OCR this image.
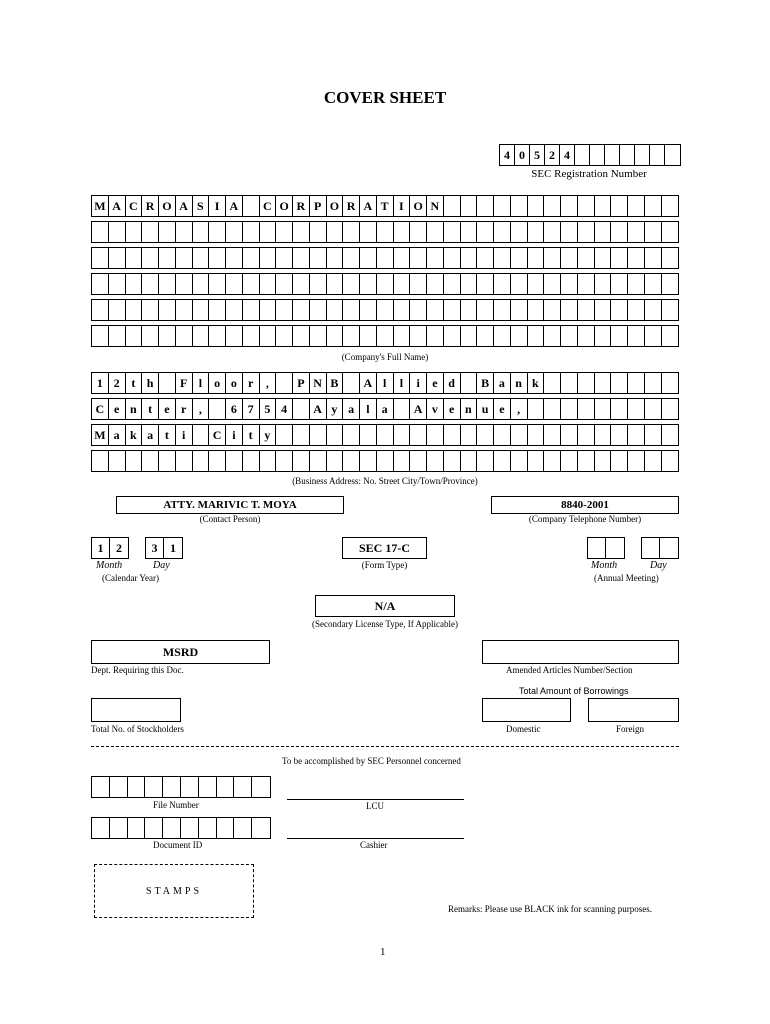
COVER SHEET
4 0 5 2 4
SEC Registration Number
M A C R O A S I A	C O R P O R A T I O N
(Company's Full Name)
1 2 t h	F l	o o r	,	P N B	A l	l	i	e d	B a n k
C e n t	e r	,	6 7 5 4	A y a	l	a	A v e n u e	,
M a k a t	i	C i	t y
(Business Address: No. Street City/Town/Province)
ATTY. MARIVIC T. MOYA
(Contact Person)
8840-2001
(Company Telephone Number)
1	2	3	1
Month	Day
(Calendar Year)
SEC 17-C
(Form Type)	Month	Day
(Annual Meeting)
N/A
(Secondary License Type, If Applicable)
MSRD
Dept. Requiring this Doc.	Amended Articles Number/Section
Total Amount of Borrowings
Total No. of Stockholders	Domestic	Foreign
To be accomplished by SEC Personnel concerned
File Number	LCU
Document ID	Cashier
STAMPS
Remarks: Please use BLACK ink for scanning purposes.
1
